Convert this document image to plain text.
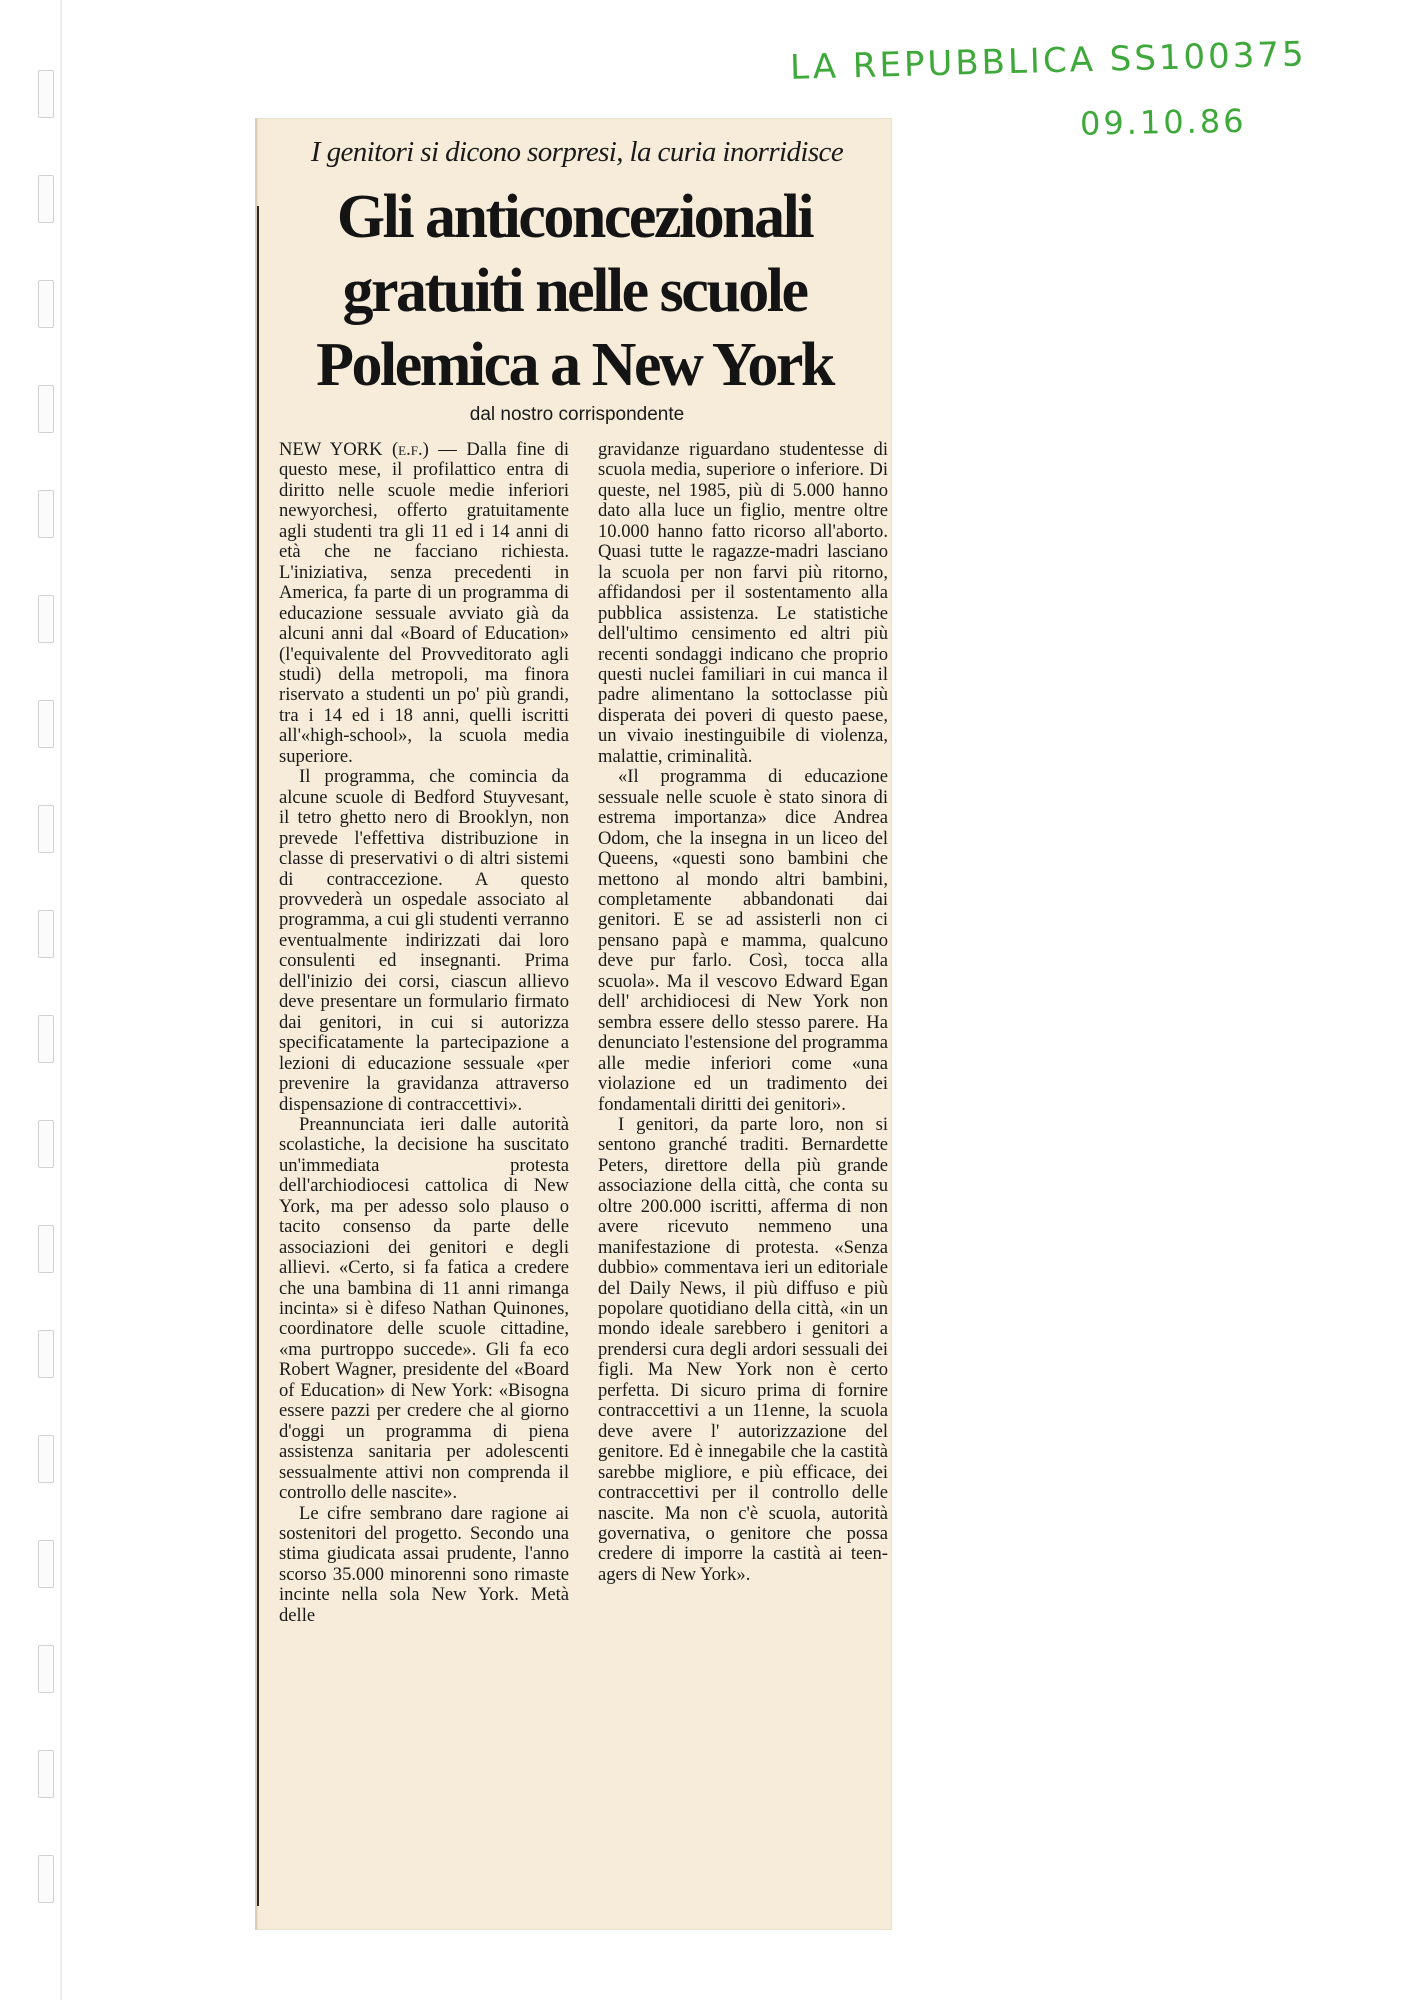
LA REPUBBLICA SS100375
09.10.86
I genitori si dicono sorpresi, la curia inorridisce
Gli anticoncezionali
gratuiti nelle scuole
Polemica a New York
dal nostro corrispondente

NEW YORK (e.f.) — Dalla fine di questo mese, il profilattico entra di diritto nelle scuole medie inferiori newyorchesi, offerto gratuitamente agli studenti tra gli 11 ed i 14 anni di età che ne facciano richiesta. L'iniziativa, senza precedenti in America, fa parte di un programma di educazione sessuale avviato già da alcuni anni dal «Board of Education» (l'equivalente del Provveditorato agli studi) della metropoli, ma finora riservato a studenti un po' più grandi, tra i 14 ed i 18 anni, quelli iscritti all'«high-school», la scuola media superiore.

Il programma, che comincia da alcune scuole di Bedford Stuyvesant, il tetro ghetto nero di Brooklyn, non prevede l'effettiva distribuzione in classe di preservativi o di altri sistemi di contraccezione. A questo provvederà un ospedale associato al programma, a cui gli studenti verranno eventualmente indirizzati dai loro consulenti ed insegnanti. Prima dell'inizio dei corsi, ciascun allievo deve presentare un formulario firmato dai genitori, in cui si autorizza specificatamente la partecipazione a lezioni di educazione sessuale «per prevenire la gravidanza attraverso dispensazione di contraccettivi».

Preannunciata ieri dalle autorità scolastiche, la decisione ha suscitato un'immediata protesta dell'archiodiocesi cattolica di New York, ma per adesso solo plauso o tacito consenso da parte delle associazioni dei genitori e degli allievi. «Certo, si fa fatica a credere che una bambina di 11 anni rimanga incinta» si è difeso Nathan Quinones, coordinatore delle scuole cittadine, «ma purtroppo succede». Gli fa eco Robert Wagner, presidente del «Board of Education» di New York: «Bisogna essere pazzi per credere che al giorno d'oggi un programma di piena assistenza sanitaria per adolescenti sessualmente attivi non comprenda il controllo delle nascite».

Le cifre sembrano dare ragione ai sostenitori del progetto. Secondo una stima giudicata assai prudente, l'anno scorso 35.000 minorenni sono rimaste incinte nella sola New York. Metà delle

gravidanze riguardano studentesse di scuola media, superiore o inferiore. Di queste, nel 1985, più di 5.000 hanno dato alla luce un figlio, mentre oltre 10.000 hanno fatto ricorso all'aborto. Quasi tutte le ragazze-madri lasciano la scuola per non farvi più ritorno, affidandosi per il sostentamento alla pubblica assistenza. Le statistiche dell'ultimo censimento ed altri più recenti sondaggi indicano che proprio questi nuclei familiari in cui manca il padre alimentano la sottoclasse più disperata dei poveri di questo paese, un vivaio inestinguibile di violenza, malattie, criminalità.

«Il programma di educazione sessuale nelle scuole è stato sinora di estrema importanza» dice Andrea Odom, che la insegna in un liceo del Queens, «questi sono bambini che mettono al mondo altri bambini, completamente abbandonati dai genitori. E se ad assisterli non ci pensano papà e mamma, qualcuno deve pur farlo. Così, tocca alla scuola». Ma il vescovo Edward Egan dell' archidiocesi di New York non sembra essere dello stesso parere. Ha denunciato l'estensione del programma alle medie inferiori come «una violazione ed un tradimento dei fondamentali diritti dei genitori».

I genitori, da parte loro, non si sentono granché traditi. Bernardette Peters, direttore della più grande associazione della città, che conta su oltre 200.000 iscritti, afferma di non avere ricevuto nemmeno una manifestazione di protesta. «Senza dubbio» commentava ieri un editoriale del Daily News, il più diffuso e più popolare quotidiano della città, «in un mondo ideale sarebbero i genitori a prendersi cura degli ardori sessuali dei figli. Ma New York non è certo perfetta. Di sicuro prima di fornire contraccettivi a un 11enne, la scuola deve avere l' autorizzazione del genitore. Ed è innegabile che la castità sarebbe migliore, e più efficace, dei contraccettivi per il controllo delle nascite. Ma non c'è scuola, autorità governativa, o genitore che possa credere di imporre la castità ai teen-agers di New York».
